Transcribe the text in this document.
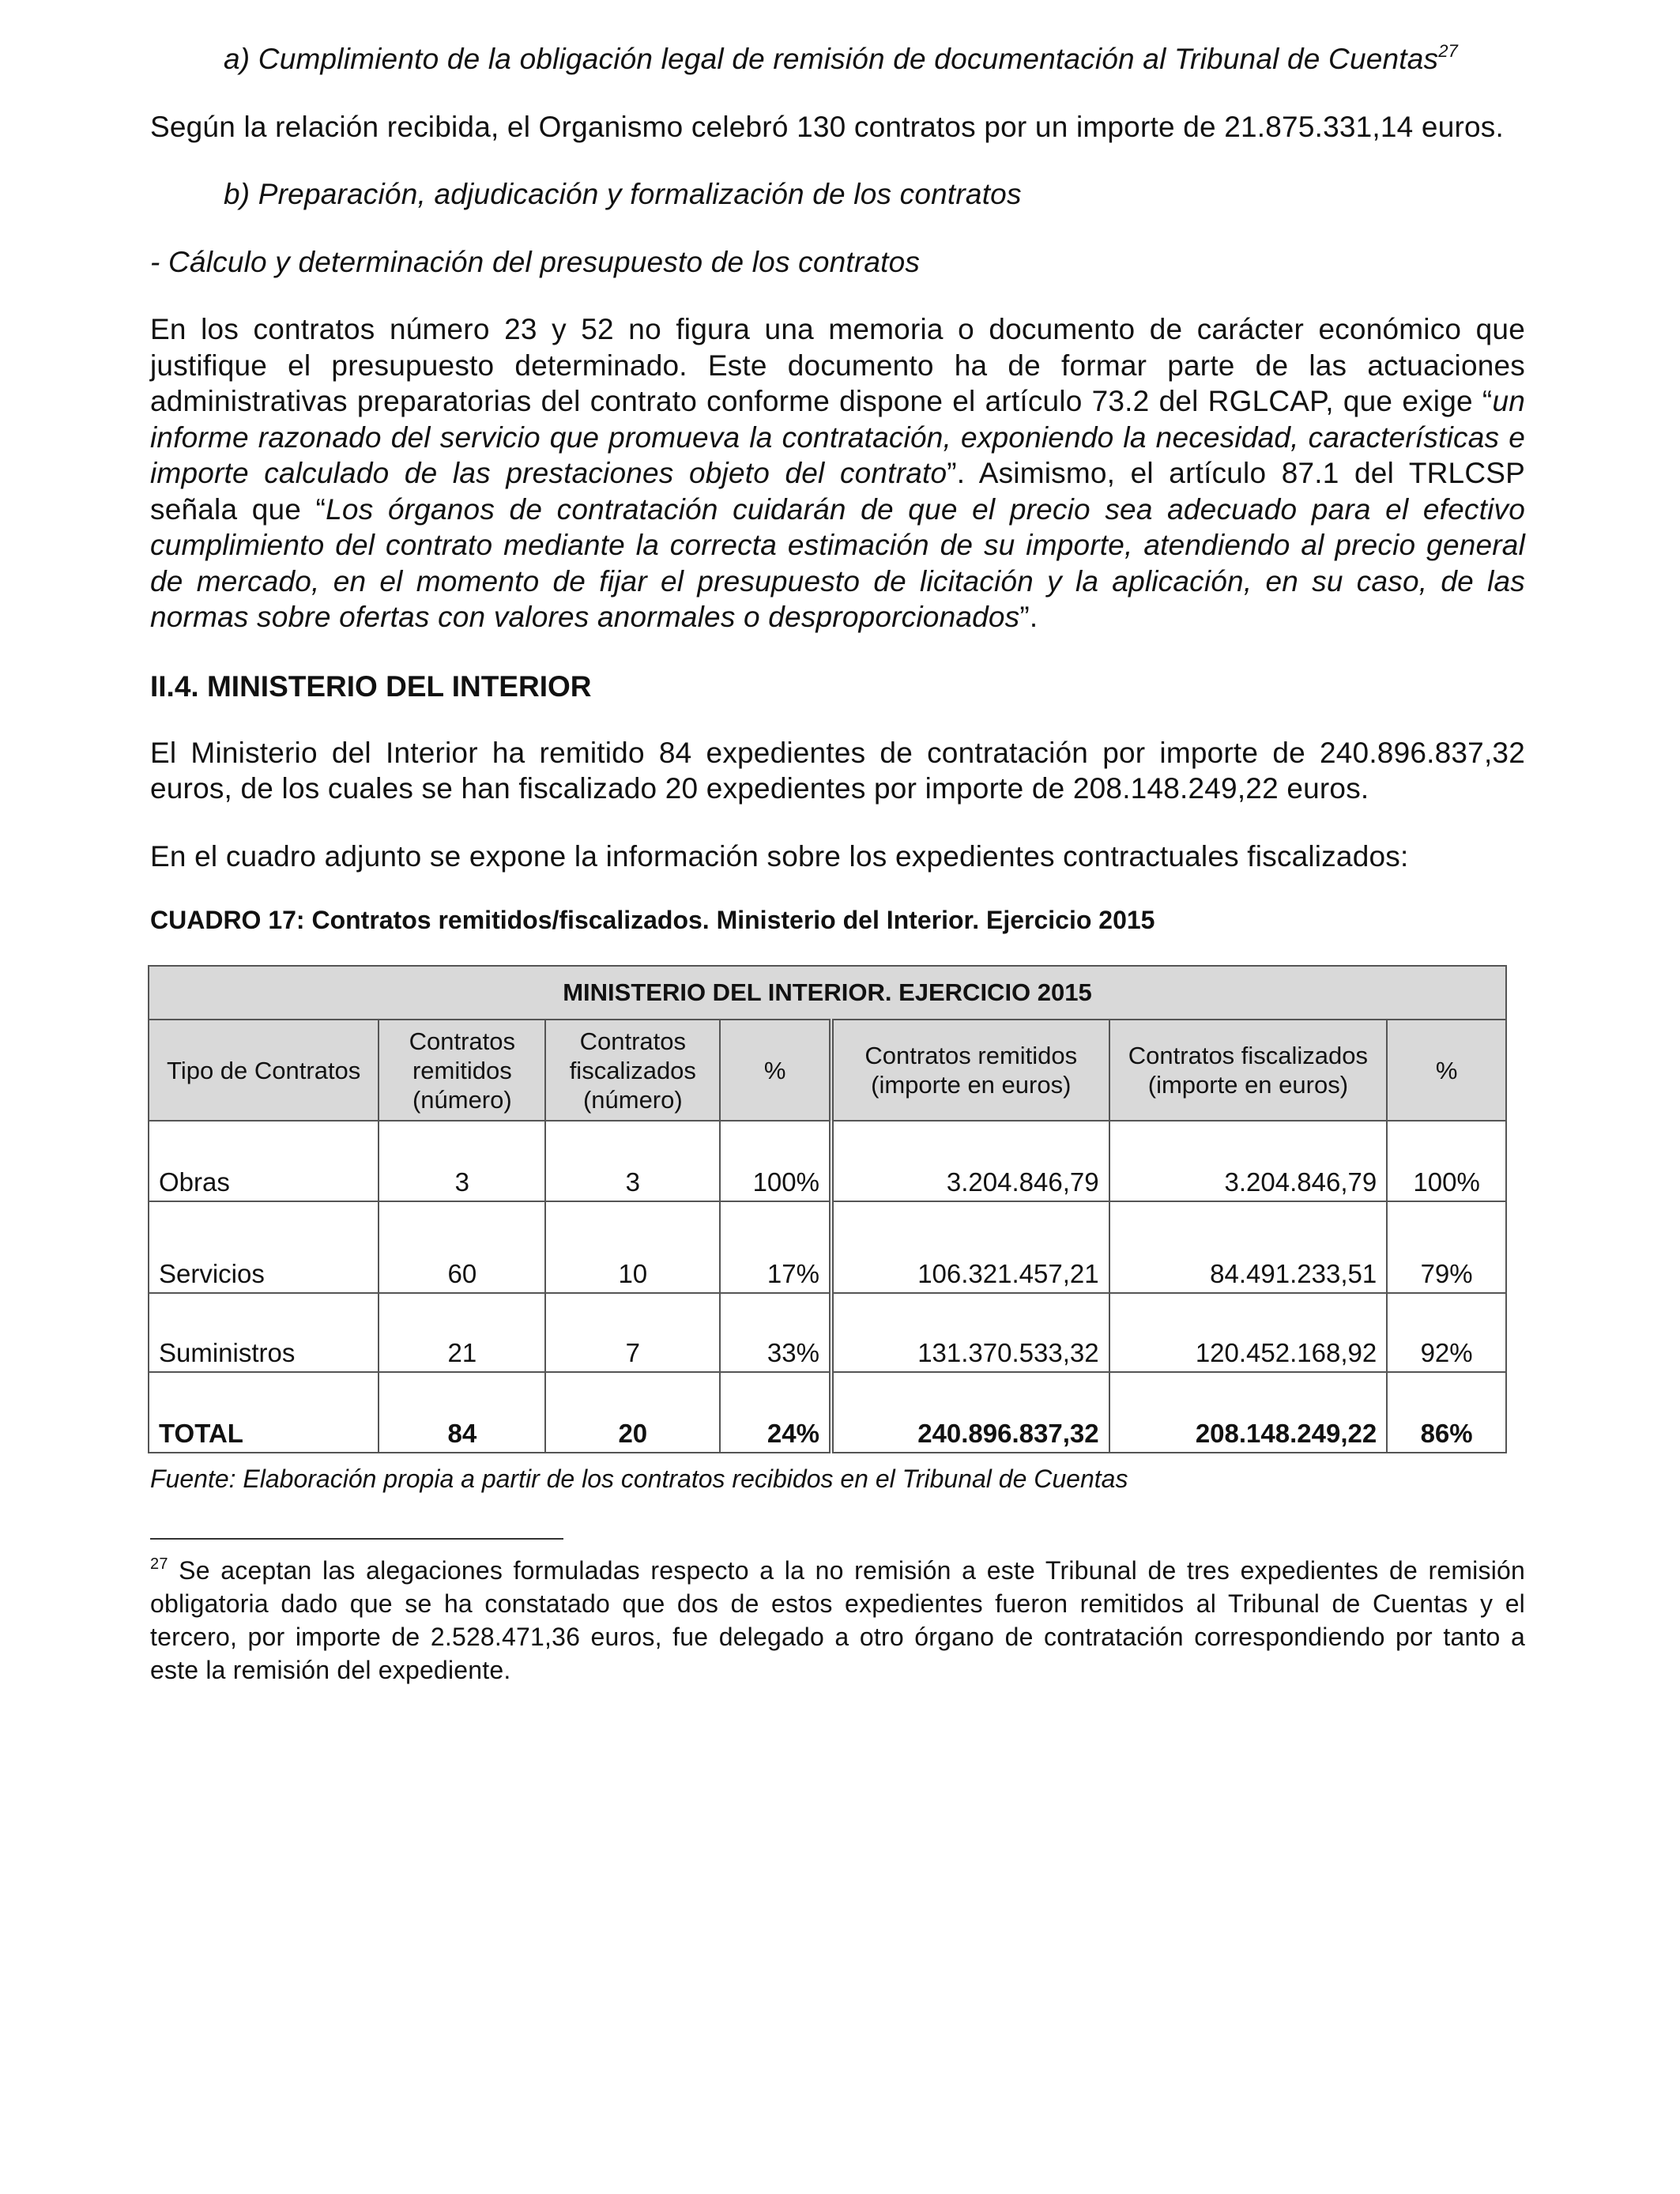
a) Cumplimiento de la obligación legal de remisión de documentación al Tribunal de Cuentas$^{27}$

Según la relación recibida, el Organismo celebró 130 contratos por un importe de 21.875.331,14 euros.

b) Preparación, adjudicación y formalización de los contratos

- Cálculo y determinación del presupuesto de los contratos

En los contratos número 23 y 52 no figura una memoria o documento de carácter económico que justifique el presupuesto determinado. Este documento ha de formar parte de las actuaciones administrativas preparatorias del contrato conforme dispone el artículo 73.2 del RGLCAP, que exige “un informe razonado del servicio que promueva la contratación, exponiendo la necesidad, características e importe calculado de las prestaciones objeto del contrato”. Asimismo, el artículo 87.1 del TRLCSP señala que “Los órganos de contratación cuidarán de que el precio sea adecuado para el efectivo cumplimiento del contrato mediante la correcta estimación de su importe, atendiendo al precio general de mercado, en el momento de fijar el presupuesto de licitación y la aplicación, en su caso, de las normas sobre ofertas con valores anormales o desproporcionados”.

II.4. MINISTERIO DEL INTERIOR

El Ministerio del Interior ha remitido 84 expedientes de contratación por importe de 240.896.837,32 euros, de los cuales se han fiscalizado 20 expedientes por importe de 208.148.249,22 euros.

En el cuadro adjunto se expone la información sobre los expedientes contractuales fiscalizados:

CUADRO 17: Contratos remitidos/fiscalizados. Ministerio del Interior. Ejercicio 2015

MINISTERIO DEL INTERIOR. EJERCICIO 2015						
Tipo de Contratos	Contratos remitidos (número)	Contratos fiscalizados (número)	%	Contratos remitidos (importe en euros)	Contratos fiscalizados (importe en euros)	%
Obras	3	3	100%	3.204.846,79	3.204.846,79	100%
Servicios	60	10	17%	106.321.457,21	84.491.233,51	79%
Suministros	21	7	33%	131.370.533,32	120.452.168,92	92%
TOTAL	84	20	24%	240.896.837,32	208.148.249,22	86%

Fuente: Elaboración propia a partir de los contratos recibidos en el Tribunal de Cuentas

$^{27}$ Se aceptan las alegaciones formuladas respecto a la no remisión a este Tribunal de tres expedientes de remisión obligatoria dado que se ha constatado que dos de estos expedientes fueron remitidos al Tribunal de Cuentas y el tercero, por importe de 2.528.471,36 euros, fue delegado a otro órgano de contratación correspondiendo por tanto a este la remisión del expediente.
